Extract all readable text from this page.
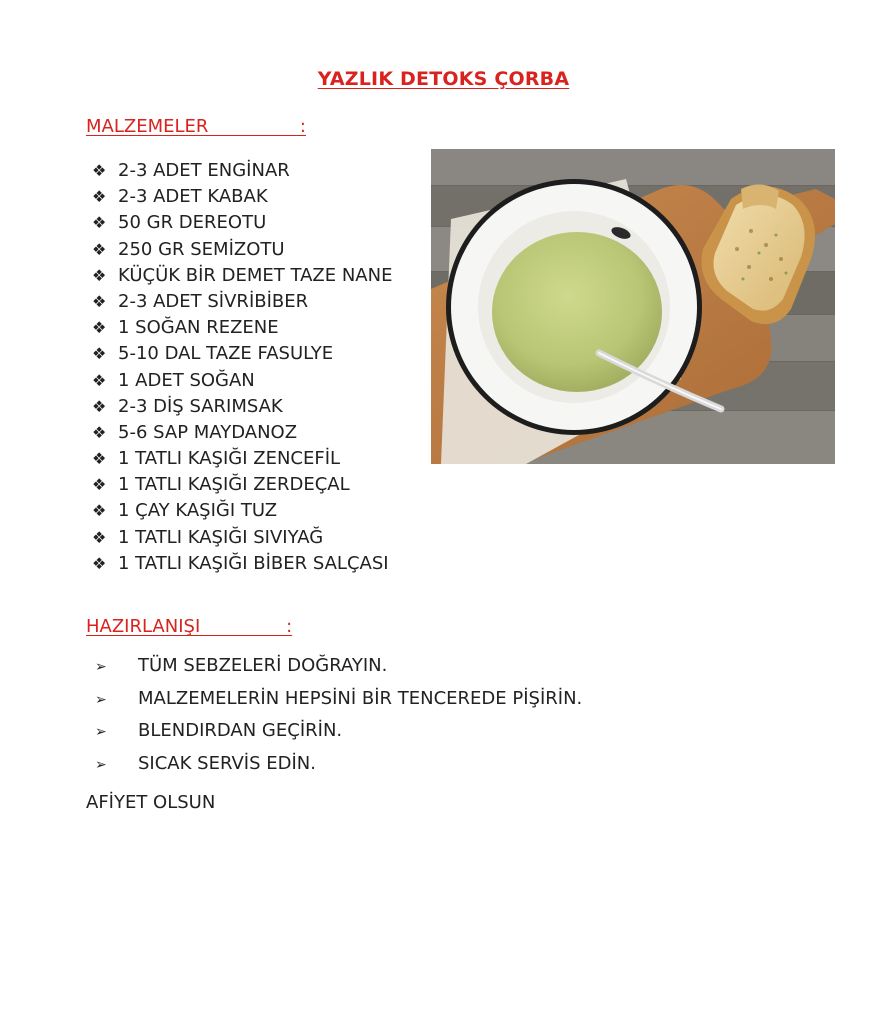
YAZLIK DETOKS ÇORBA
MALZEMELER                :
❖ 2-3 ADET ENGİNAR
❖ 2-3 ADET KABAK
❖ 50 GR DEREOTU
❖ 250 GR SEMİZOTU
❖ KÜÇÜK BİR DEMET TAZE NANE
❖ 2-3 ADET SİVRİBİBER
❖ 1 SOĞAN REZENE
❖ 5-10 DAL TAZE FASULYE
❖ 1 ADET SOĞAN
❖ 2-3 DİŞ SARIMSAK
❖ 5-6 SAP MAYDANOZ
❖ 1 TATLI KAŞIĞI ZENCEFİL
❖ 1 TATLI KAŞIĞI ZERDEÇAL
❖ 1 ÇAY KAŞIĞI TUZ
❖ 1 TATLI KAŞIĞI SIVIYAĞ
❖ 1 TATLI KAŞIĞI BİBER SALÇASI
HAZIRLANIŞI               :
➢ TÜM SEBZELERİ DOĞRAYIN.
➢ MALZEMELERİN HEPSİNİ BİR TENCEREDE PİŞİRİN.
➢ BLENDIRDAN GEÇİRİN.
➢ SICAK SERVİS EDİN.
AFİYET OLSUN
